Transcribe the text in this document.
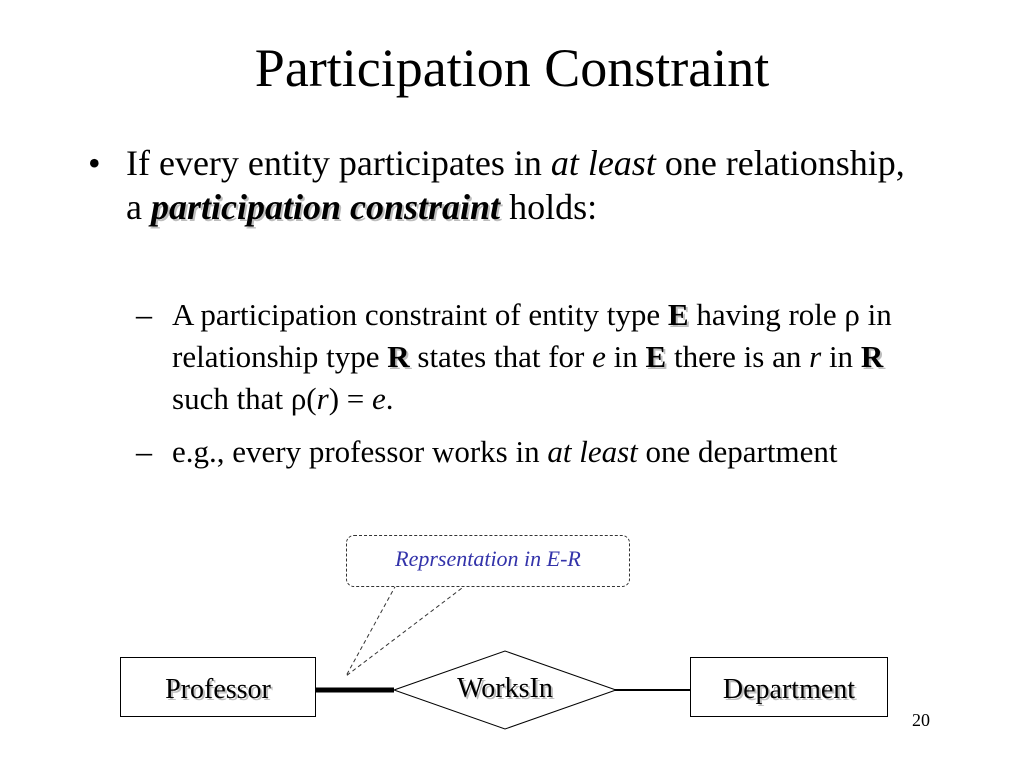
Participation Constraint
• If every entity participates in at least one relationship, a participation constraint holds:
– A participation constraint of entity type E having role ρ in relationship type R states that for e in E there is an r in R such that ρ(r) = e.
– e.g., every professor works in at least one department
Reprsentation in E-R
Professor	WorksIn	Department
20
